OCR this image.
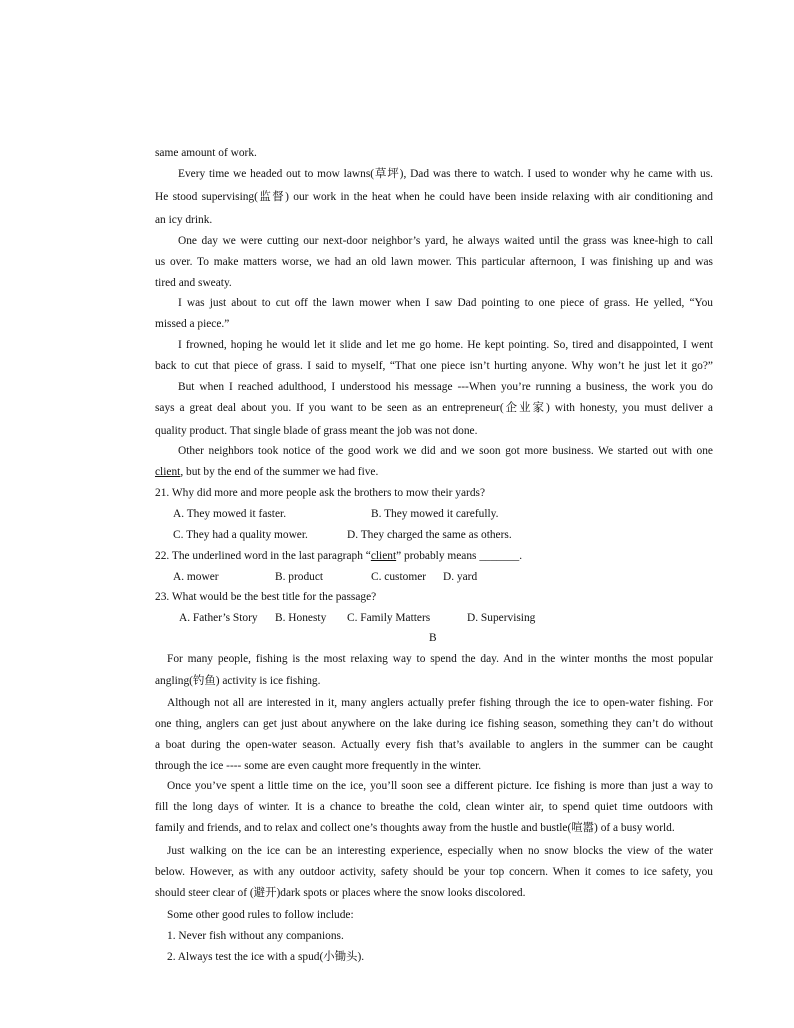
same amount of work.

Every time we headed out to mow lawns(草坪), Dad was there to watch. I used to wonder why he came with us.

He stood supervising(监督) our work in the heat when he could have been inside relaxing with air conditioning and

an icy drink.

One day we were cutting our next-door neighbor’s yard, he always waited until the grass was knee-high to call

us over. To make matters worse, we had an old lawn mower. This particular afternoon, I was finishing up and was

tired and sweaty.

I was just about to cut off the lawn mower when I saw Dad pointing to one piece of grass. He yelled, “You

missed a piece.”

I frowned, hoping he would let it slide and let me go home. He kept pointing. So, tired and disappointed, I went

back to cut that piece of grass. I said to myself, “That one piece isn’t hurting anyone. Why won’t he just let it go?”

But when I reached adulthood, I understood his message ---When you’re running a business, the work you do

says a great deal about you. If you want to be seen as an entrepreneur(企业家) with honesty, you must deliver a

quality product. That single blade of grass meant the job was not done.

Other neighbors took notice of the good work we did and we soon got more business. We started out with one

client, but by the end of the summer we had five.

21. Why did more and more people ask the brothers to mow their yards?

A. They mowed it faster.	B. They mowed it carefully.

C. They had a quality mower.	D. They charged the same as others.

22. The underlined word in the last paragraph “client” probably means _______.

A. mower	B. product	C. customer	D. yard

23. What would be the best title for the passage?

A. Father’s Story	B. Honesty	C. Family Matters	D. Supervising

B

For many people, fishing is the most relaxing way to spend the day. And in the winter months the most popular

angling(钓鱼) activity is ice fishing.

Although not all are interested in it, many anglers actually prefer fishing through the ice to open-water fishing. For

one thing, anglers can get just about anywhere on the lake during ice fishing season, something they can’t do without

a boat during the open-water season. Actually every fish that’s available to anglers in the summer can be caught

through the ice ---- some are even caught more frequently in the winter.

Once you’ve spent a little time on the ice, you’ll soon see a different picture. Ice fishing is more than just a way to

fill the long days of winter. It is a chance to breathe the cold, clean winter air, to spend quiet time outdoors with

family and friends, and to relax and collect one’s thoughts away from the hustle and bustle(喧嚣) of a busy world.

Just walking on the ice can be an interesting experience, especially when no snow blocks the view of the water

below. However, as with any outdoor activity, safety should be your top concern. When it comes to ice safety, you

should steer clear of (避开)dark spots or places where the snow looks discolored.

Some other good rules to follow include:

1. Never fish without any companions.

2. Always test the ice with a spud(小锄头).
